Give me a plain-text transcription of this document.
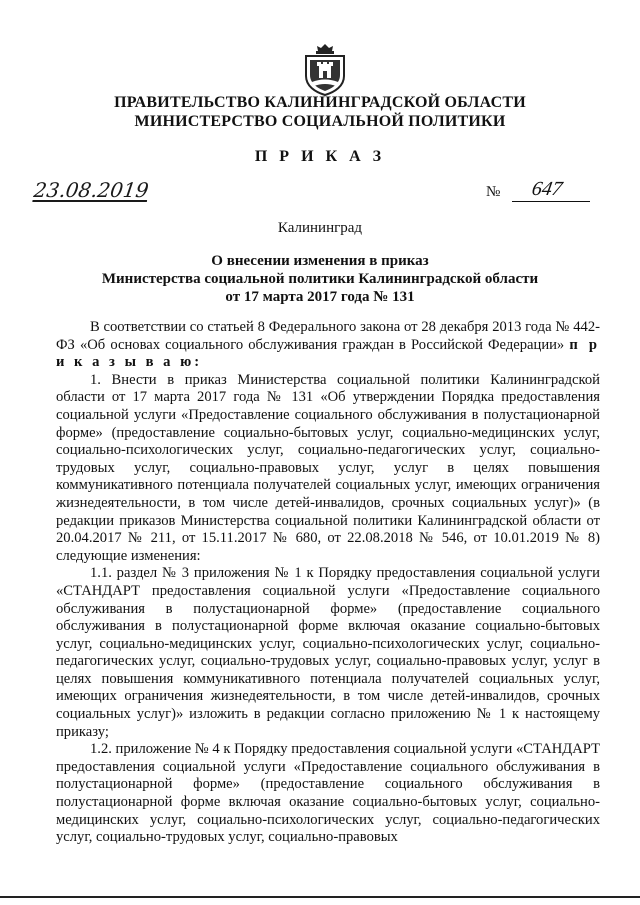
ПРАВИТЕЛЬСТВО КАЛИНИНГРАДСКОЙ ОБЛАСТИ
МИНИСТЕРСТВО СОЦИАЛЬНОЙ ПОЛИТИКИ
П Р И К А З
23.08.2019	№ 647
Калининград
О внесении изменения в приказ
Министерства социальной политики Калининградской области
от 17 марта 2017 года № 131

В соответствии со статьей 8 Федерального закона от 28 декабря 2013 года № 442-ФЗ «Об основах социального обслуживания граждан в Российской Федерации» п р и к а з ы в а ю:

1. Внести в приказ Министерства социальной политики Калининградской области от 17 марта 2017 года № 131 «Об утверждении Порядка предоставления социальной услуги «Предоставление социального обслуживания в полустационарной форме» (предоставление социально-бытовых услуг, социально-медицинских услуг, социально-психологических услуг, социально-педагогических услуг, социально-трудовых услуг, социально-правовых услуг, услуг в целях повышения коммуникативного потенциала получателей социальных услуг, имеющих ограничения жизнедеятельности, в том числе детей-инвалидов, срочных социальных услуг)» (в редакции приказов Министерства социальной политики Калининградской области от 20.04.2017 № 211, от 15.11.2017 № 680, от 22.08.2018 № 546, от 10.01.2019 № 8) следующие изменения:

1.1. раздел № 3 приложения № 1 к Порядку предоставления социальной услуги «СТАНДАРТ предоставления социальной услуги «Предоставление социального обслуживания в полустационарной форме» (предоставление социального обслуживания в полустационарной форме включая оказание социально-бытовых услуг, социально-медицинских услуг, социально-психологических услуг, социально-педагогических услуг, социально-трудовых услуг, социально-правовых услуг, услуг в целях повышения коммуникативного потенциала получателей социальных услуг, имеющих ограничения жизнедеятельности, в том числе детей-инвалидов, срочных социальных услуг)» изложить в редакции согласно приложению № 1 к настоящему приказу;

1.2. приложение № 4 к Порядку предоставления социальной услуги «СТАНДАРТ предоставления социальной услуги «Предоставление социального обслуживания в полустационарной форме» (предоставление социального обслуживания в полустационарной форме включая оказание социально-бытовых услуг, социально-медицинских услуг, социально-психологических услуг, социально-педагогических услуг, социально-трудовых услуг, социально-правовых
